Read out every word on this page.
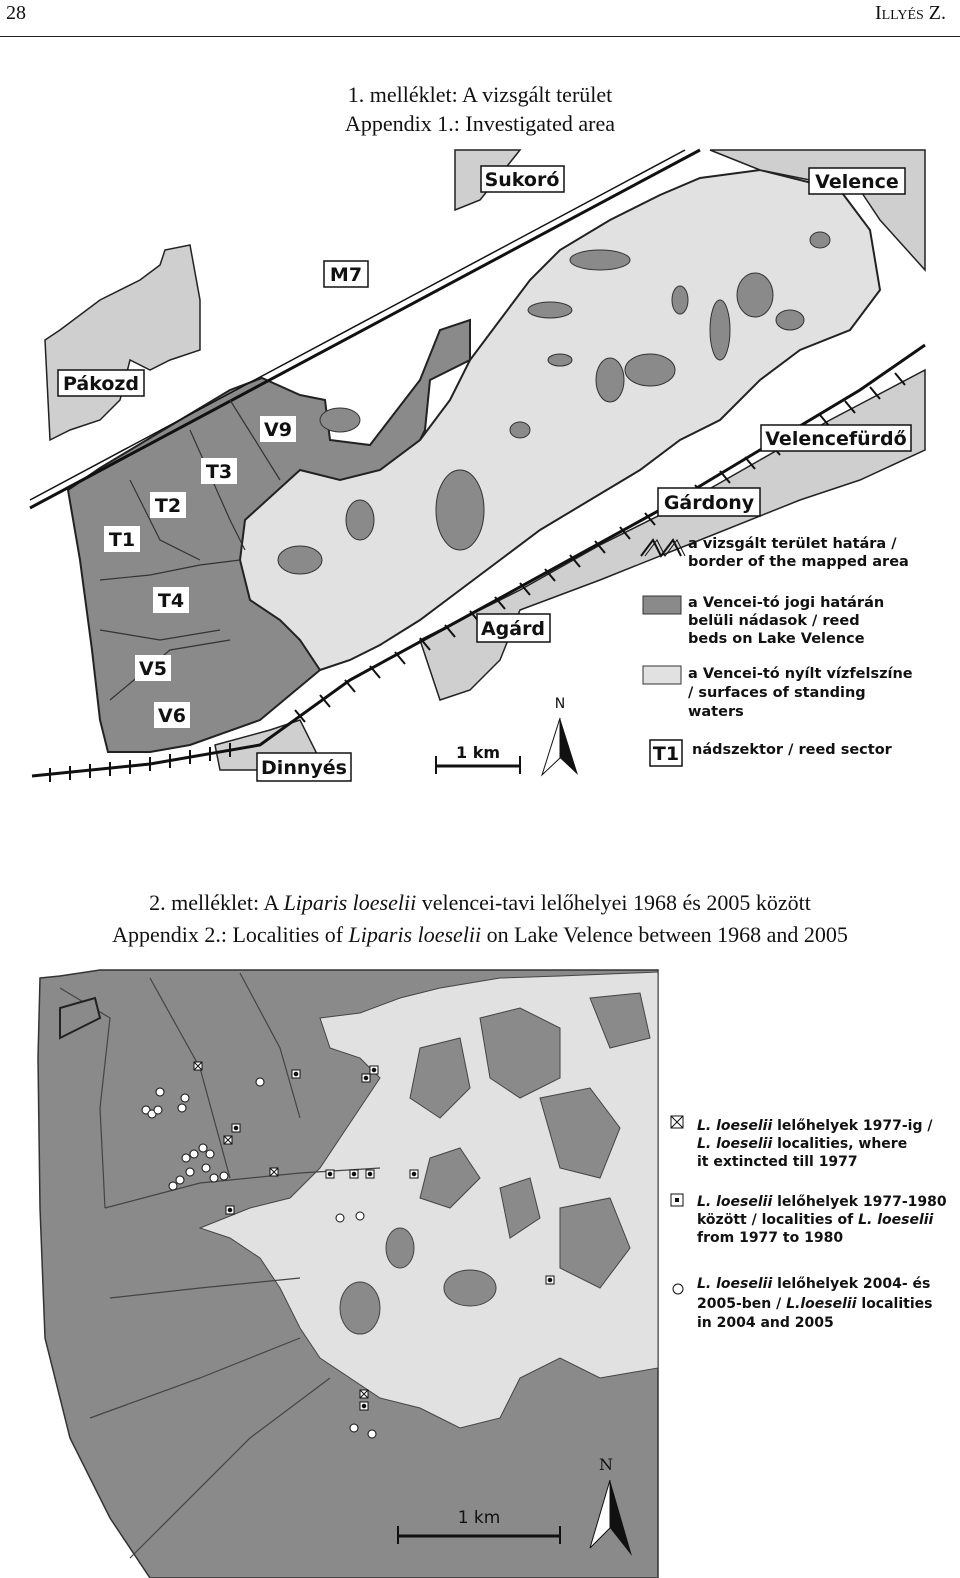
28	Illyés Z.
1. melléklet: A vizsgált terület
Appendix 1.: Investigated area
Sukoró	Velence
M7
Pákozd
Velencefürdő
Gárdony
Agárd
Dinnyés
T1
T2
T3
T4
V5
V6
V9
1 km
N
a vizsgált terület határa /
border of the mapped area
a Vencei-tó jogi határán
belüli nádasok / reed
beds on Lake Velence
a Vencei-tó nyílt vízfelszíne
/ surfaces of standing
waters
T1 nádszektor / reed sector
2. melléklet: A Liparis loeselii velencei-tavi lelőhelyei 1968 és 2005 között
Appendix 2.: Localities of Liparis loeselii on Lake Velence between 1968 and 2005
1 km
N
L. loeselii lelőhelyek 1977-ig /
L. loeselii localities, where
it extincted till 1977
L. loeselii lelőhelyek 1977-1980
között / localities of L. loeselii
from 1977 to 1980
L. loeselii lelőhelyek 2004- és
2005-ben / L.loeselii localities
in 2004 and 2005
